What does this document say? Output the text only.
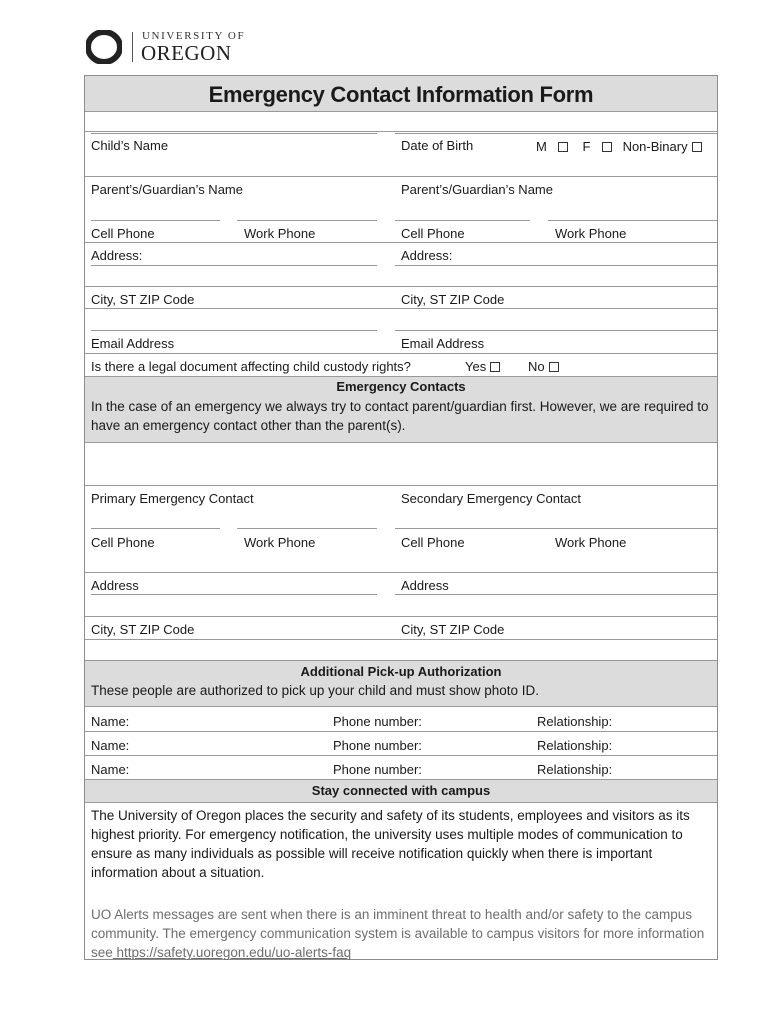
UNIVERSITY OF
OREGON
Emergency Contact Information Form
Child’s Name	Date of Birth	M	F Non-Binary
Parent’s/Guardian’s Name	Parent’s/Guardian’s Name
Cell Phone	Work Phone	Cell Phone	Work Phone
Address:	Address:
City, ST ZIP Code	City, ST ZIP Code
Email Address	Email Address
Is there a legal document affecting child custody rights?	Yes	No
Emergency Contacts
In the case of an emergency we always try to contact parent/guardian first. However, we are required to have an emergency contact other than the parent(s).
Primary Emergency Contact	Secondary Emergency Contact
Cell Phone	Work Phone	Cell Phone	Work Phone
Address	Address
City, ST ZIP Code	City, ST ZIP Code
Additional Pick-up Authorization
These people are authorized to pick up your child and must show photo ID.
Name:	Phone number:	Relationship:
Name:	Phone number:	Relationship:
Name:	Phone number:	Relationship:
Stay connected with campus
The University of Oregon places the security and safety of its students, employees and visitors as its highest priority. For emergency notification, the university uses multiple modes of communication to ensure as many individuals as possible will receive notification quickly when there is important information about a situation.
UO Alerts messages are sent when there is an imminent threat to health and/or safety to the campus community. The emergency communication system is available to campus visitors for more information see https://safety.uoregon.edu/uo-alerts-faq
